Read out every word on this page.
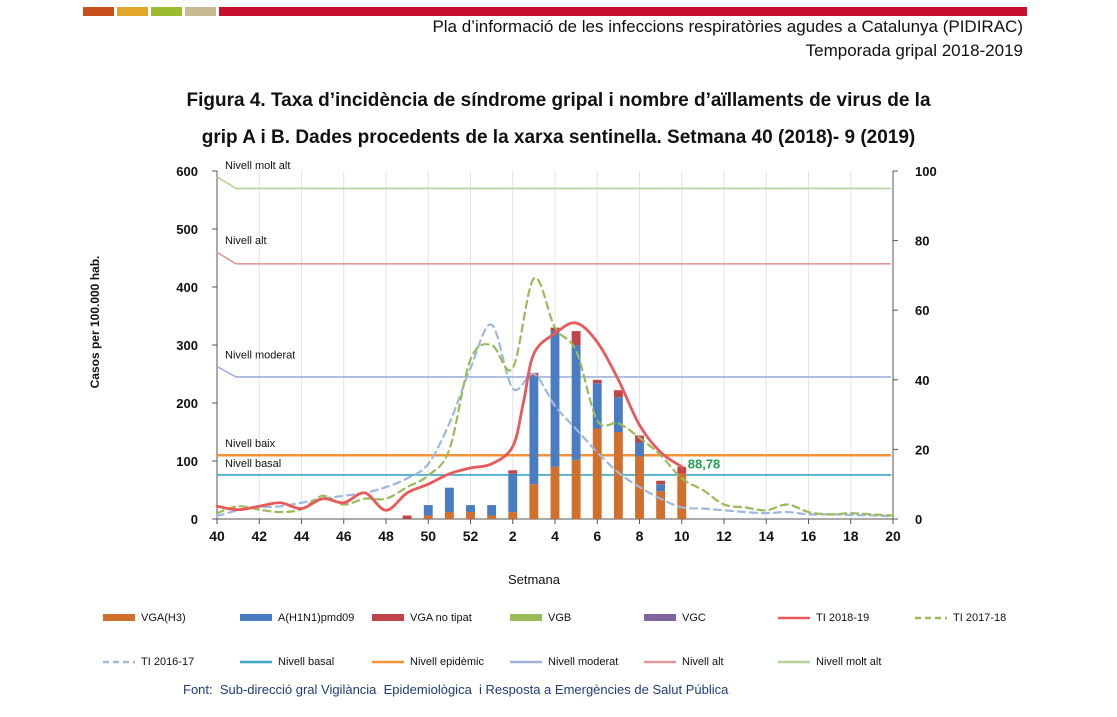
Pla d’informació de les infeccions respiratòries agudes a Catalunya (PIDIRAC)
Temporada gripal 2018-2019
Figura 4. Taxa d’incidència de síndrome gripal i nombre d’aïllaments de virus de la
grip A i B. Dades procedents de la xarxa sentinella. Setmana 40 (2018)- 9 (2019)
0
100
200
300
400
500
600
0
20
40
60
80
100
40 42 44 46 48 50 52 2 4 6 8 10 12 14 16 18 20
Nivell basal
Nivell baix
Nivell moderat
Nivell alt
Nivell molt alt
88,78
Casos per 100.000 hab.
Setmana
VGA(H3)	A(H1N1)pmd09	VGA no tipat	VGB	VGC	TI 2018-19	TI 2017-18
TI 2016-17	Nivell basal	Nivell epidèmic	Nivell moderat	Nivell alt	Nivell molt alt
Font:  Sub-direcció gral Vigilància  Epidemiològica  i Resposta a Emergències de Salut Pública
